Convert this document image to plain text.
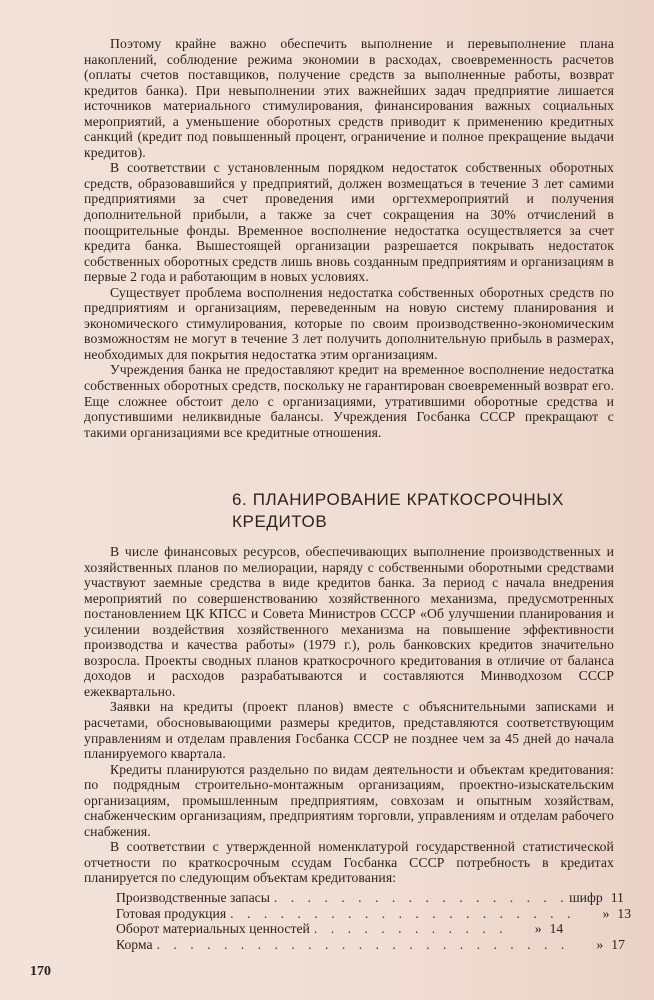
Поэтому крайне важно обеспечить выполнение и перевыполнение плана накоплений, соблюдение режима экономии в расходах, своевременность расчетов (оплаты счетов поставщиков, получение средств за выполненные работы, возврат кредитов банка). При невыполнении этих важнейших задач предприятие лишается источников материального стимулирования, финансирования важных социальных мероприятий, а уменьшение оборотных средств приводит к применению кредитных санкций (кредит под повышенный процент, ограничение и полное прекращение выдачи кредитов).

В соответствии с установленным порядком недостаток собственных оборотных средств, образовавшийся у предприятий, должен возмещаться в течение 3 лет самими предприятиями за счет проведения ими оргтехмероприятий и получения дополнительной прибыли, а также за счет сокращения на 30% отчислений в поощрительные фонды. Временное восполнение недостатка осуществляется за счет кредита банка. Вышестоящей организации разрешается покрывать недостаток собственных оборотных средств лишь вновь созданным предприятиям и организациям в первые 2 года и работающим в новых условиях.

Существует проблема восполнения недостатка собственных оборотных средств по предприятиям и организациям, переведенным на новую систему планирования и экономического стимулирования, которые по своим производственно-экономическим возможностям не могут в течение 3 лет получить дополнительную прибыль в размерах, необходимых для покрытия недостатка этим организациям.

Учреждения банка не предоставляют кредит на временное восполнение недостатка собственных оборотных средств, поскольку не гарантирован своевременный возврат его. Еще сложнее обстоит дело с организациями, утратившими оборотные средства и допустившими неликвидные балансы. Учреждения Госбанка СССР прекращают с такими организациями все кредитные отношения.

6. ПЛАНИРОВАНИЕ КРАТКОСРОЧНЫХ
КРЕДИТОВ

В числе финансовых ресурсов, обеспечивающих выполнение производственных и хозяйственных планов по мелиорации, наряду с собственными оборотными средствами участвуют заемные средства в виде кредитов банка. За период с начала внедрения мероприятий по совершенствованию хозяйственного механизма, предусмотренных постановлением ЦК КПСС и Совета Министров СССР «Об улучшении планирования и усилении воздействия хозяйственного механизма на повышение эффективности производства и качества работы» (1979 г.), роль банковских кредитов значительно возросла. Проекты сводных планов краткосрочного кредитования в отличие от баланса доходов и расходов разрабатываются и составляются Минводхозом СССР ежеквартально.

Заявки на кредиты (проект планов) вместе с объяснительными записками и расчетами, обосновывающими размеры кредитов, представляются соответствующим управлениям и отделам правления Госбанка СССР не позднее чем за 45 дней до начала планируемого квартала.

Кредиты планируются раздельно по видам деятельности и объектам кредитования: по подрядным строительно-монтажным организациям, проектно-изыскательским организациям, промышленным предприятиям, совхозам и опытным хозяйствам, снабженческим организациям, предприятиям торговли, управлениям и отделам рабочего снабжения.

В соответствии с утвержденной номенклатурой государственной статистической отчетности по краткосрочным ссудам Госбанка СССР потребность в кредитах планируется по следующим объектам кредитования:

Производственные запасы . . . . . . . . . . . . . . . . . . шифр 11
Готовая продукция . . . . . . . . . . . . . . . . . . . . .	» 13
Оборот материальных ценностей . . . . . . . . . . . .	» 14
Корма . . . . . . . . . . . . . . . . . . . . . . . . .	» 17
170
